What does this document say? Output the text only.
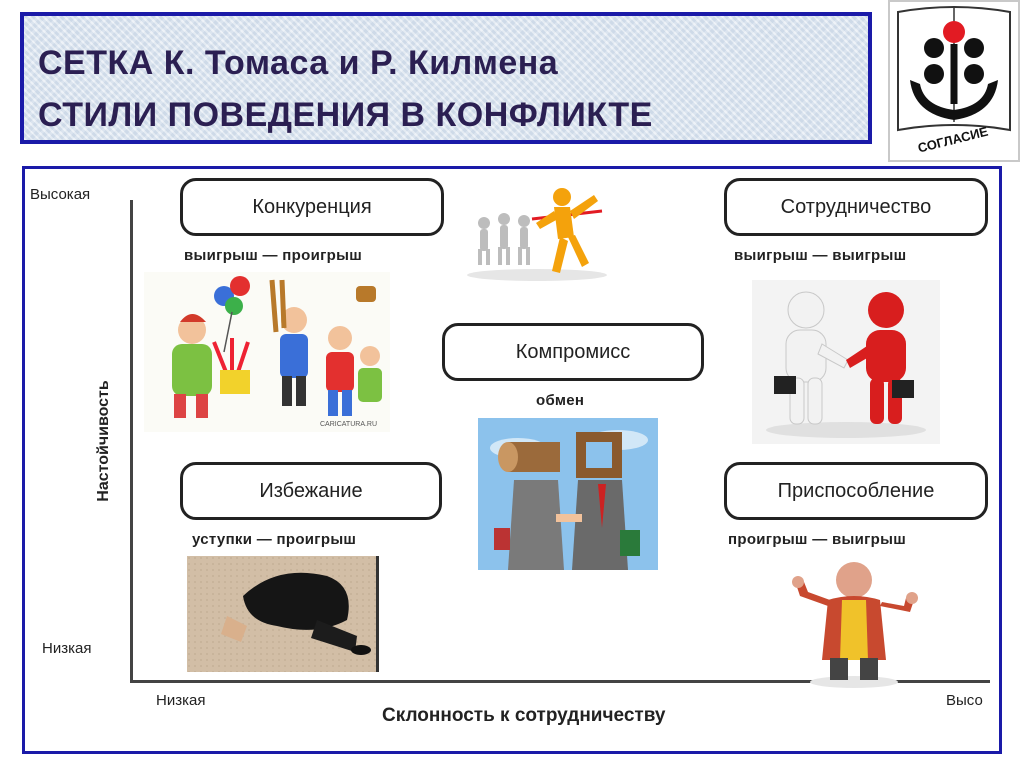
СЕТКА К. Томаса и Р. Килмена
СТИЛИ ПОВЕДЕНИЯ В КОНФЛИКТЕ
СОГЛАСИЕ
Высокая
Низкая
Настойчивость
Низкая	Высо
Склонность к сотрудничеству
Конкуренция
выигрыш — проигрыш
Сотрудничество
выигрыш — выигрыш
Компромисс
обмен
Избежание
уступки — проигрыш
Приспособление
проигрыш — выигрыш
CARICATURA.RU
